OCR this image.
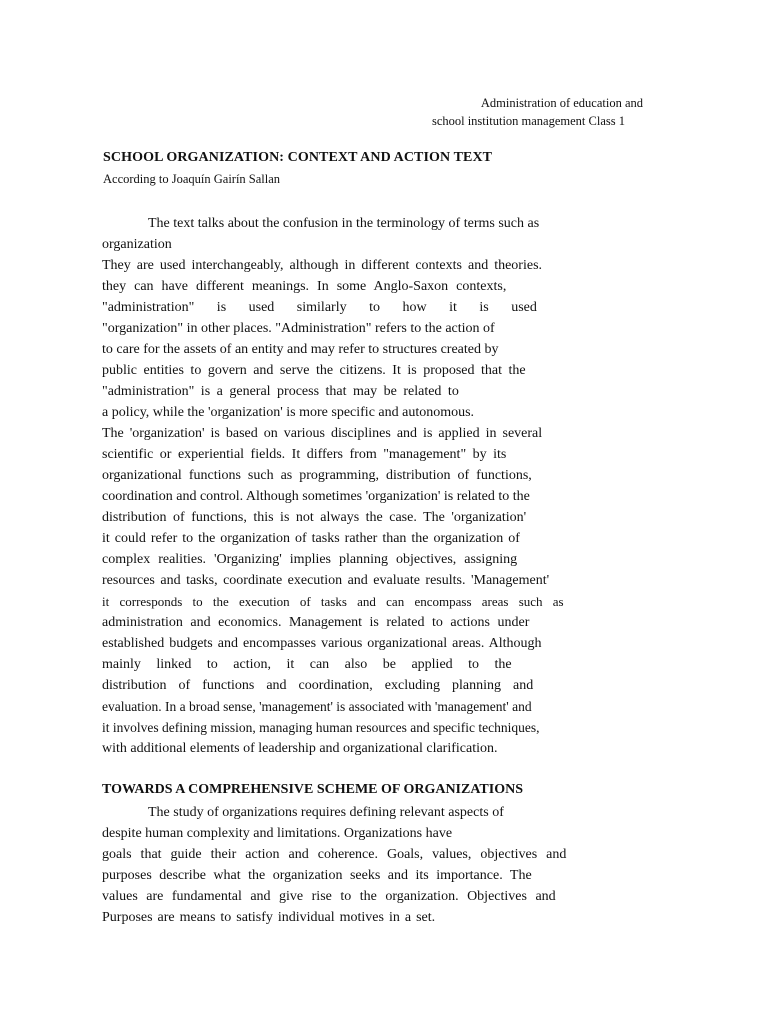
Administration of education and
school institution management Class 1
SCHOOL ORGANIZATION: CONTEXT AND ACTION TEXT

According to Joaquín Gairín Sallan

The text talks about the confusion in the terminology of terms such as
organization
They are used interchangeably, although in different contexts and theories.
they can have different meanings. In some Anglo-Saxon contexts,
"administration" is used similarly to how it is used
"organization" in other places. "Administration" refers to the action of
to care for the assets of an entity and may refer to structures created by
public entities to govern and serve the citizens. It is proposed that the
"administration" is a general process that may be related to
a policy, while the 'organization' is more specific and autonomous.
The 'organization' is based on various disciplines and is applied in several
scientific or experiential fields. It differs from "management" by its
organizational functions such as programming, distribution of functions,
coordination and control. Although sometimes 'organization' is related to the
distribution of functions, this is not always the case. The 'organization'
it could refer to the organization of tasks rather than the organization of
complex realities. 'Organizing' implies planning objectives, assigning
resources and tasks, coordinate execution and evaluate results. 'Management'
it corresponds to the execution of tasks and can encompass areas such as
administration and economics. Management is related to actions under
established budgets and encompasses various organizational areas. Although
mainly linked to action, it can also be applied to the
distribution of functions and coordination, excluding planning and
evaluation. In a broad sense, 'management' is associated with 'management' and
it involves defining mission, managing human resources and specific techniques,
with additional elements of leadership and organizational clarification.
TOWARDS A COMPREHENSIVE SCHEME OF ORGANIZATIONS
The study of organizations requires defining relevant aspects of
despite human complexity and limitations. Organizations have
goals that guide their action and coherence. Goals, values, objectives and
purposes describe what the organization seeks and its importance. The
values are fundamental and give rise to the organization. Objectives and
Purposes are means to satisfy individual motives in a set.
